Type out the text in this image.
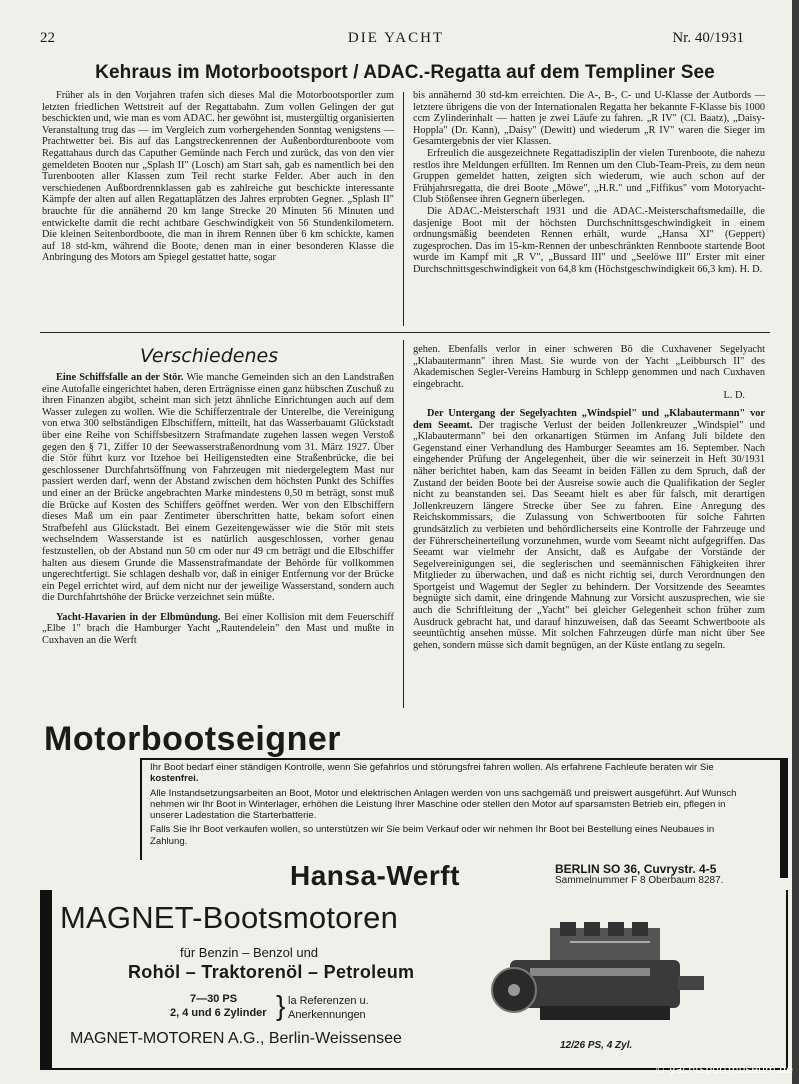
22	DIE YACHT	Nr. 40/1931
Kehraus im Motorbootsport / ADAC.-Regatta auf dem Templiner See

Früher als in den Vorjahren trafen sich dieses Mal die Motorbootsportler zum letzten friedlichen Wettstreit auf der Regattabahn. Zum vollen Gelingen der gut beschickten und, wie man es vom ADAC. her gewöhnt ist, mustergültig organisierten Veranstaltung trug das — im Vergleich zum vorhergehenden Sonntag wenigstens — Prachtwetter bei. Bis auf das Langstreckenrennen der Außenbordturenboote vom Regattahaus durch das Caputher Gemünde nach Ferch und zurück, das von den vier gemeldeten Booten nur „Splash II" (Losch) am Start sah, gab es namentlich bei den Turenbooten aller Klassen zum Teil recht starke Felder. Aber auch in den verschiedenen Außbordrennklassen gab es zahlreiche gut beschickte interessante Kämpfe der alten auf allen Regattaplätzen des Jahres erprobten Gegner. „Splash II" brauchte für die annähernd 20 km lange Strecke 20 Minuten 56 Minuten und entwickelte damit die recht achtbare Geschwindigkeit von 56 Stundenkilometern. Die kleinen Seitenbordboote, die man in ihrem Rennen über 6 km schickte, kamen auf 18 std-km, während die Boote, denen man in einer besonderen Klasse die Anbringung des Motors am Spiegel gestattet hatte, sogar

bis annähernd 30 std-km erreichten. Die A-, B-, C- und U-Klasse der Autbords — letztere übrigens die von der Internationalen Regatta her bekannte F-Klasse bis 1000 ccm Zylinderinhalt — hatten je zwei Läufe zu fahren. „R IV" (Cl. Baatz), „Daisy-Hoppla" (Dr. Kann), „Daisy" (Dewitt) und wiederum „R IV" waren die Sieger im Gesamtergebnis der vier Klassen.

Erfreulich die ausgezeichnete Regattadisziplin der vielen Turenboote, die nahezu restlos ihre Meldungen erfüllten. Im Rennen um den Club-Team-Preis, zu dem neun Gruppen gemeldet hatten, zeigten sich wiederum, wie auch schon auf der Frühjahrsregatta, die drei Boote „Möwe", „H.R." und „Fiffikus" vom Motoryacht-Club Stößensee ihren Gegnern überlegen.

Die ADAC.-Meisterschaft 1931 und die ADAC.-Meisterschaftsmedaille, die dasjenige Boot mit der höchsten Durchschnittsgeschwindigkeit in einem ordnungsmäßig beendeten Rennen erhält, wurde „Hansa XI" (Geppert) zugesprochen. Das im 15-km-Rennen der unbeschränkten Rennboote startende Boot wurde im Kampf mit „R V", „Bussard III" und „Seelöwe III" Erster mit einer Durchschnittsgeschwindigkeit von 64,8 km (Höchstgeschwindigkeit 66,3 km). H. D.

Verschiedenes

Eine Schiffsfalle an der Stör. Wie manche Gemeinden sich an den Landstraßen eine Autofalle eingerichtet haben, deren Erträgnisse einen ganz hübschen Zuschuß zu ihren Finanzen abgibt, scheint man sich jetzt ähnliche Einrichtungen auch auf dem Wasser zulegen zu wollen. Wie die Schifferzentrale der Unterelbe, die Vereinigung von etwa 300 selbständigen Elbschiffern, mitteilt, hat das Wasserbauamt Glückstadt über eine Reihe von Schiffsbesitzern Strafmandate zugehen lassen wegen Verstoß gegen den § 71, Ziffer 10 der Seewasserstraßenordnung vom 31. März 1927. Über die Stör führt kurz vor Itzehoe bei Heiligenstedten eine Straßenbrücke, die bei geschlossener Durchfahrtsöffnung von Fahrzeugen mit niedergelegtem Mast nur passiert werden darf, wenn der Abstand zwischen dem höchsten Punkt des Schiffes und einer an der Brücke angebrachten Marke mindestens 0,50 m beträgt, sonst muß die Brücke auf Kosten des Schiffers geöffnet werden. Wer von den Elbschiffern dieses Maß um ein paar Zentimeter überschritten hatte, bekam sofort einen Strafbefehl aus Glückstadt. Bei einem Gezeitengewässer wie die Stör mit stets wechselndem Wasserstande ist es natürlich ausgeschlossen, vorher genau festzustellen, ob der Abstand nun 50 cm oder nur 49 cm beträgt und die Elbschiffer halten aus diesem Grunde die Massenstrafmandate der Behörde für vollkommen ungerechtfertigt. Sie schlagen deshalb vor, daß in einiger Entfernung vor der Brücke ein Pegel errichtet wird, auf dem nicht nur der jeweilige Wasserstand, sondern auch die Durchfahrtshöhe der Brücke verzeichnet sein müßte.

Yacht-Havarien in der Elbmündung. Bei einer Kollision mit dem Feuerschiff „Elbe 1" brach die Hamburger Yacht „Rautendelein" den Mast und mußte in Cuxhaven an die Werft

gehen. Ebenfalls verlor in einer schweren Bö die Cuxhavener Segelyacht „Klabautermann" ihren Mast. Sie wurde von der Yacht „Leibbursch II" des Akademischen Segler-Vereins Hamburg in Schlepp genommen und nach Cuxhaven eingebracht.

L. D.

Der Untergang der Segelyachten „Windspiel" und „Klabautermann" vor dem Seeamt. Der tragische Verlust der beiden Jollenkreuzer „Windspiel" und „Klabautermann" bei den orkanartigen Stürmen im Anfang Juli bildete den Gegenstand einer Verhandlung des Hamburger Seeamtes am 16. September. Nach eingehender Prüfung der Angelegenheit, über die wir seinerzeit in Heft 30/1931 näher berichtet haben, kam das Seeamt in beiden Fällen zu dem Spruch, daß der Zustand der beiden Boote bei der Ausreise sowie auch die Qualifikation der Segler nicht zu beanstanden sei. Das Seeamt hielt es aber für falsch, mit derartigen Jollenkreuzern längere Strecke über See zu fahren. Eine Anregung des Reichskommissars, die Zulassung von Schwertbooten für solche Fahrten grundsätzlich zu verbieten und behördlicherseits eine Kontrolle der Fahrzeuge und der Führerscheinerteilung vorzunehmen, wurde vom Seeamt nicht aufgegriffen. Das Seeamt war vielmehr der Ansicht, daß es Aufgabe der Vorstände der Segelvereinigungen sei, die seglerischen und seemännischen Fähigkeiten ihrer Mitglieder zu überwachen, und daß es nicht richtig sei, durch Verordnungen den Sportgeist und Wagemut der Segler zu behindern. Der Vorsitzende des Seeamtes begnügte sich damit, eine dringende Mahnung zur Vorsicht auszusprechen, wie sie auch die Schriftleitung der „Yacht" bei gleicher Gelegenheit schon früher zum Ausdruck gebracht hat, und darauf hinzuweisen, daß das Seeamt Schwertboote als seeuntüchtig ansehen müsse. Mit solchen Fahrzeugen dürfe man nicht über See gehen, sondern müsse sich damit begnügen, an der Küste entlang zu segeln.

Motorbootseigner

Ihr Boot bedarf einer ständigen Kontrolle, wenn Sie gefahrlos und störungsfrei fahren wollen. Als erfahrene Fachleute beraten wir Sie kostenfrei.

Alle Instandsetzungsarbeiten an Boot, Motor und elektrischen Anlagen werden von uns sachgemäß und preiswert ausgeführt. Auf Wunsch nehmen wir Ihr Boot in Winterlager, erhöhen die Leistung Ihrer Maschine oder stellen den Motor auf sparsamsten Betrieb ein, pflegen in unserer Ladestation die Starterbatterie.

Falls Sie Ihr Boot verkaufen wollen, so unterstützen wir Sie beim Verkauf oder wir nehmen Ihr Boot bei Bestellung eines Neubaues in Zahlung.

Hansa-Werft	BERLIN SO 36, Cuvrystr. 4-5
Sammelnummer F 8 Oberbaum 8287.
MAGNET-Bootsmotoren
für Benzin – Benzol und
Rohöl – Traktorenöl – Petroleum
7—30 PS
2, 4 und 6 Zylinder } la Referenzen u.
Anerkennungen
MAGNET-MOTOREN A.G., Berlin-Weissensee	12/26 PS, 4 Zyl.
© yachtsportmuseum.de
